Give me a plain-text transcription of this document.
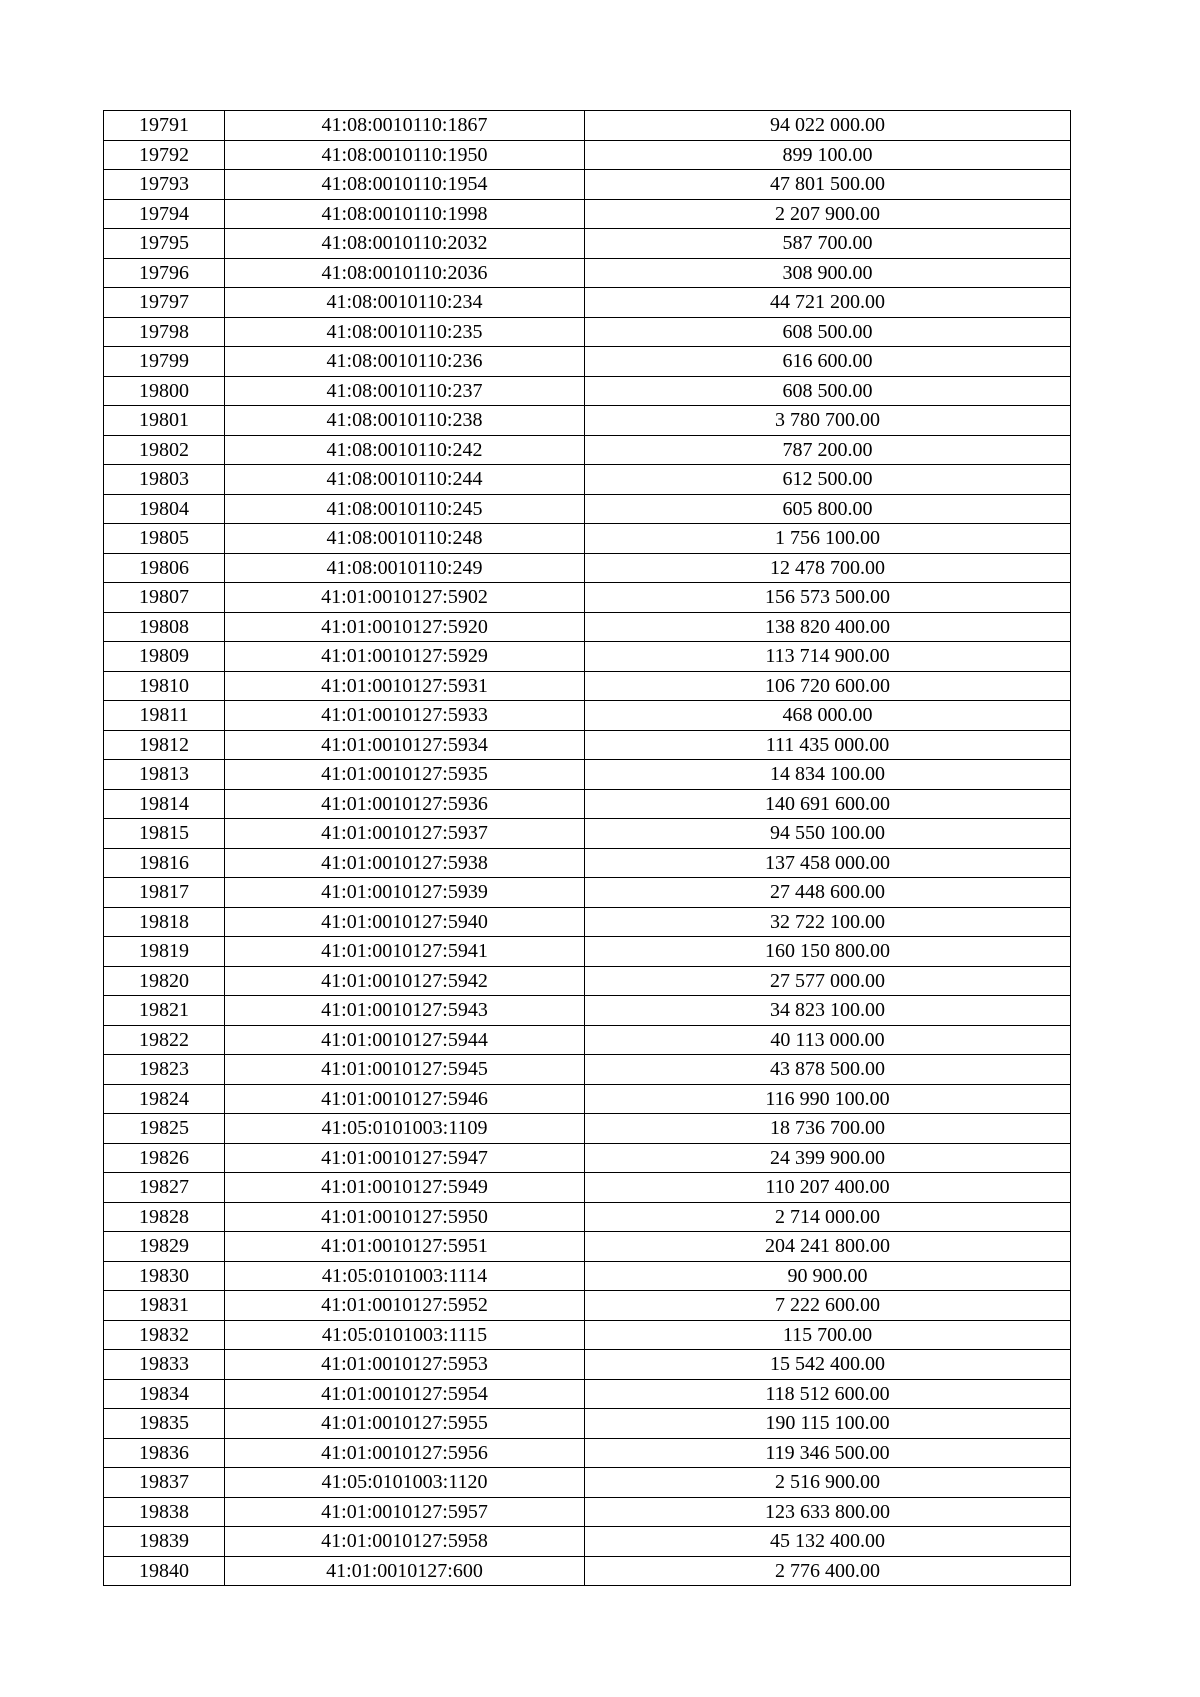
19791	41:08:0010110:1867	94 022 000.00
19792	41:08:0010110:1950	899 100.00
19793	41:08:0010110:1954	47 801 500.00
19794	41:08:0010110:1998	2 207 900.00
19795	41:08:0010110:2032	587 700.00
19796	41:08:0010110:2036	308 900.00
19797	41:08:0010110:234	44 721 200.00
19798	41:08:0010110:235	608 500.00
19799	41:08:0010110:236	616 600.00
19800	41:08:0010110:237	608 500.00
19801	41:08:0010110:238	3 780 700.00
19802	41:08:0010110:242	787 200.00
19803	41:08:0010110:244	612 500.00
19804	41:08:0010110:245	605 800.00
19805	41:08:0010110:248	1 756 100.00
19806	41:08:0010110:249	12 478 700.00
19807	41:01:0010127:5902	156 573 500.00
19808	41:01:0010127:5920	138 820 400.00
19809	41:01:0010127:5929	113 714 900.00
19810	41:01:0010127:5931	106 720 600.00
19811	41:01:0010127:5933	468 000.00
19812	41:01:0010127:5934	111 435 000.00
19813	41:01:0010127:5935	14 834 100.00
19814	41:01:0010127:5936	140 691 600.00
19815	41:01:0010127:5937	94 550 100.00
19816	41:01:0010127:5938	137 458 000.00
19817	41:01:0010127:5939	27 448 600.00
19818	41:01:0010127:5940	32 722 100.00
19819	41:01:0010127:5941	160 150 800.00
19820	41:01:0010127:5942	27 577 000.00
19821	41:01:0010127:5943	34 823 100.00
19822	41:01:0010127:5944	40 113 000.00
19823	41:01:0010127:5945	43 878 500.00
19824	41:01:0010127:5946	116 990 100.00
19825	41:05:0101003:1109	18 736 700.00
19826	41:01:0010127:5947	24 399 900.00
19827	41:01:0010127:5949	110 207 400.00
19828	41:01:0010127:5950	2 714 000.00
19829	41:01:0010127:5951	204 241 800.00
19830	41:05:0101003:1114	90 900.00
19831	41:01:0010127:5952	7 222 600.00
19832	41:05:0101003:1115	115 700.00
19833	41:01:0010127:5953	15 542 400.00
19834	41:01:0010127:5954	118 512 600.00
19835	41:01:0010127:5955	190 115 100.00
19836	41:01:0010127:5956	119 346 500.00
19837	41:05:0101003:1120	2 516 900.00
19838	41:01:0010127:5957	123 633 800.00
19839	41:01:0010127:5958	45 132 400.00
19840	41:01:0010127:600	2 776 400.00
